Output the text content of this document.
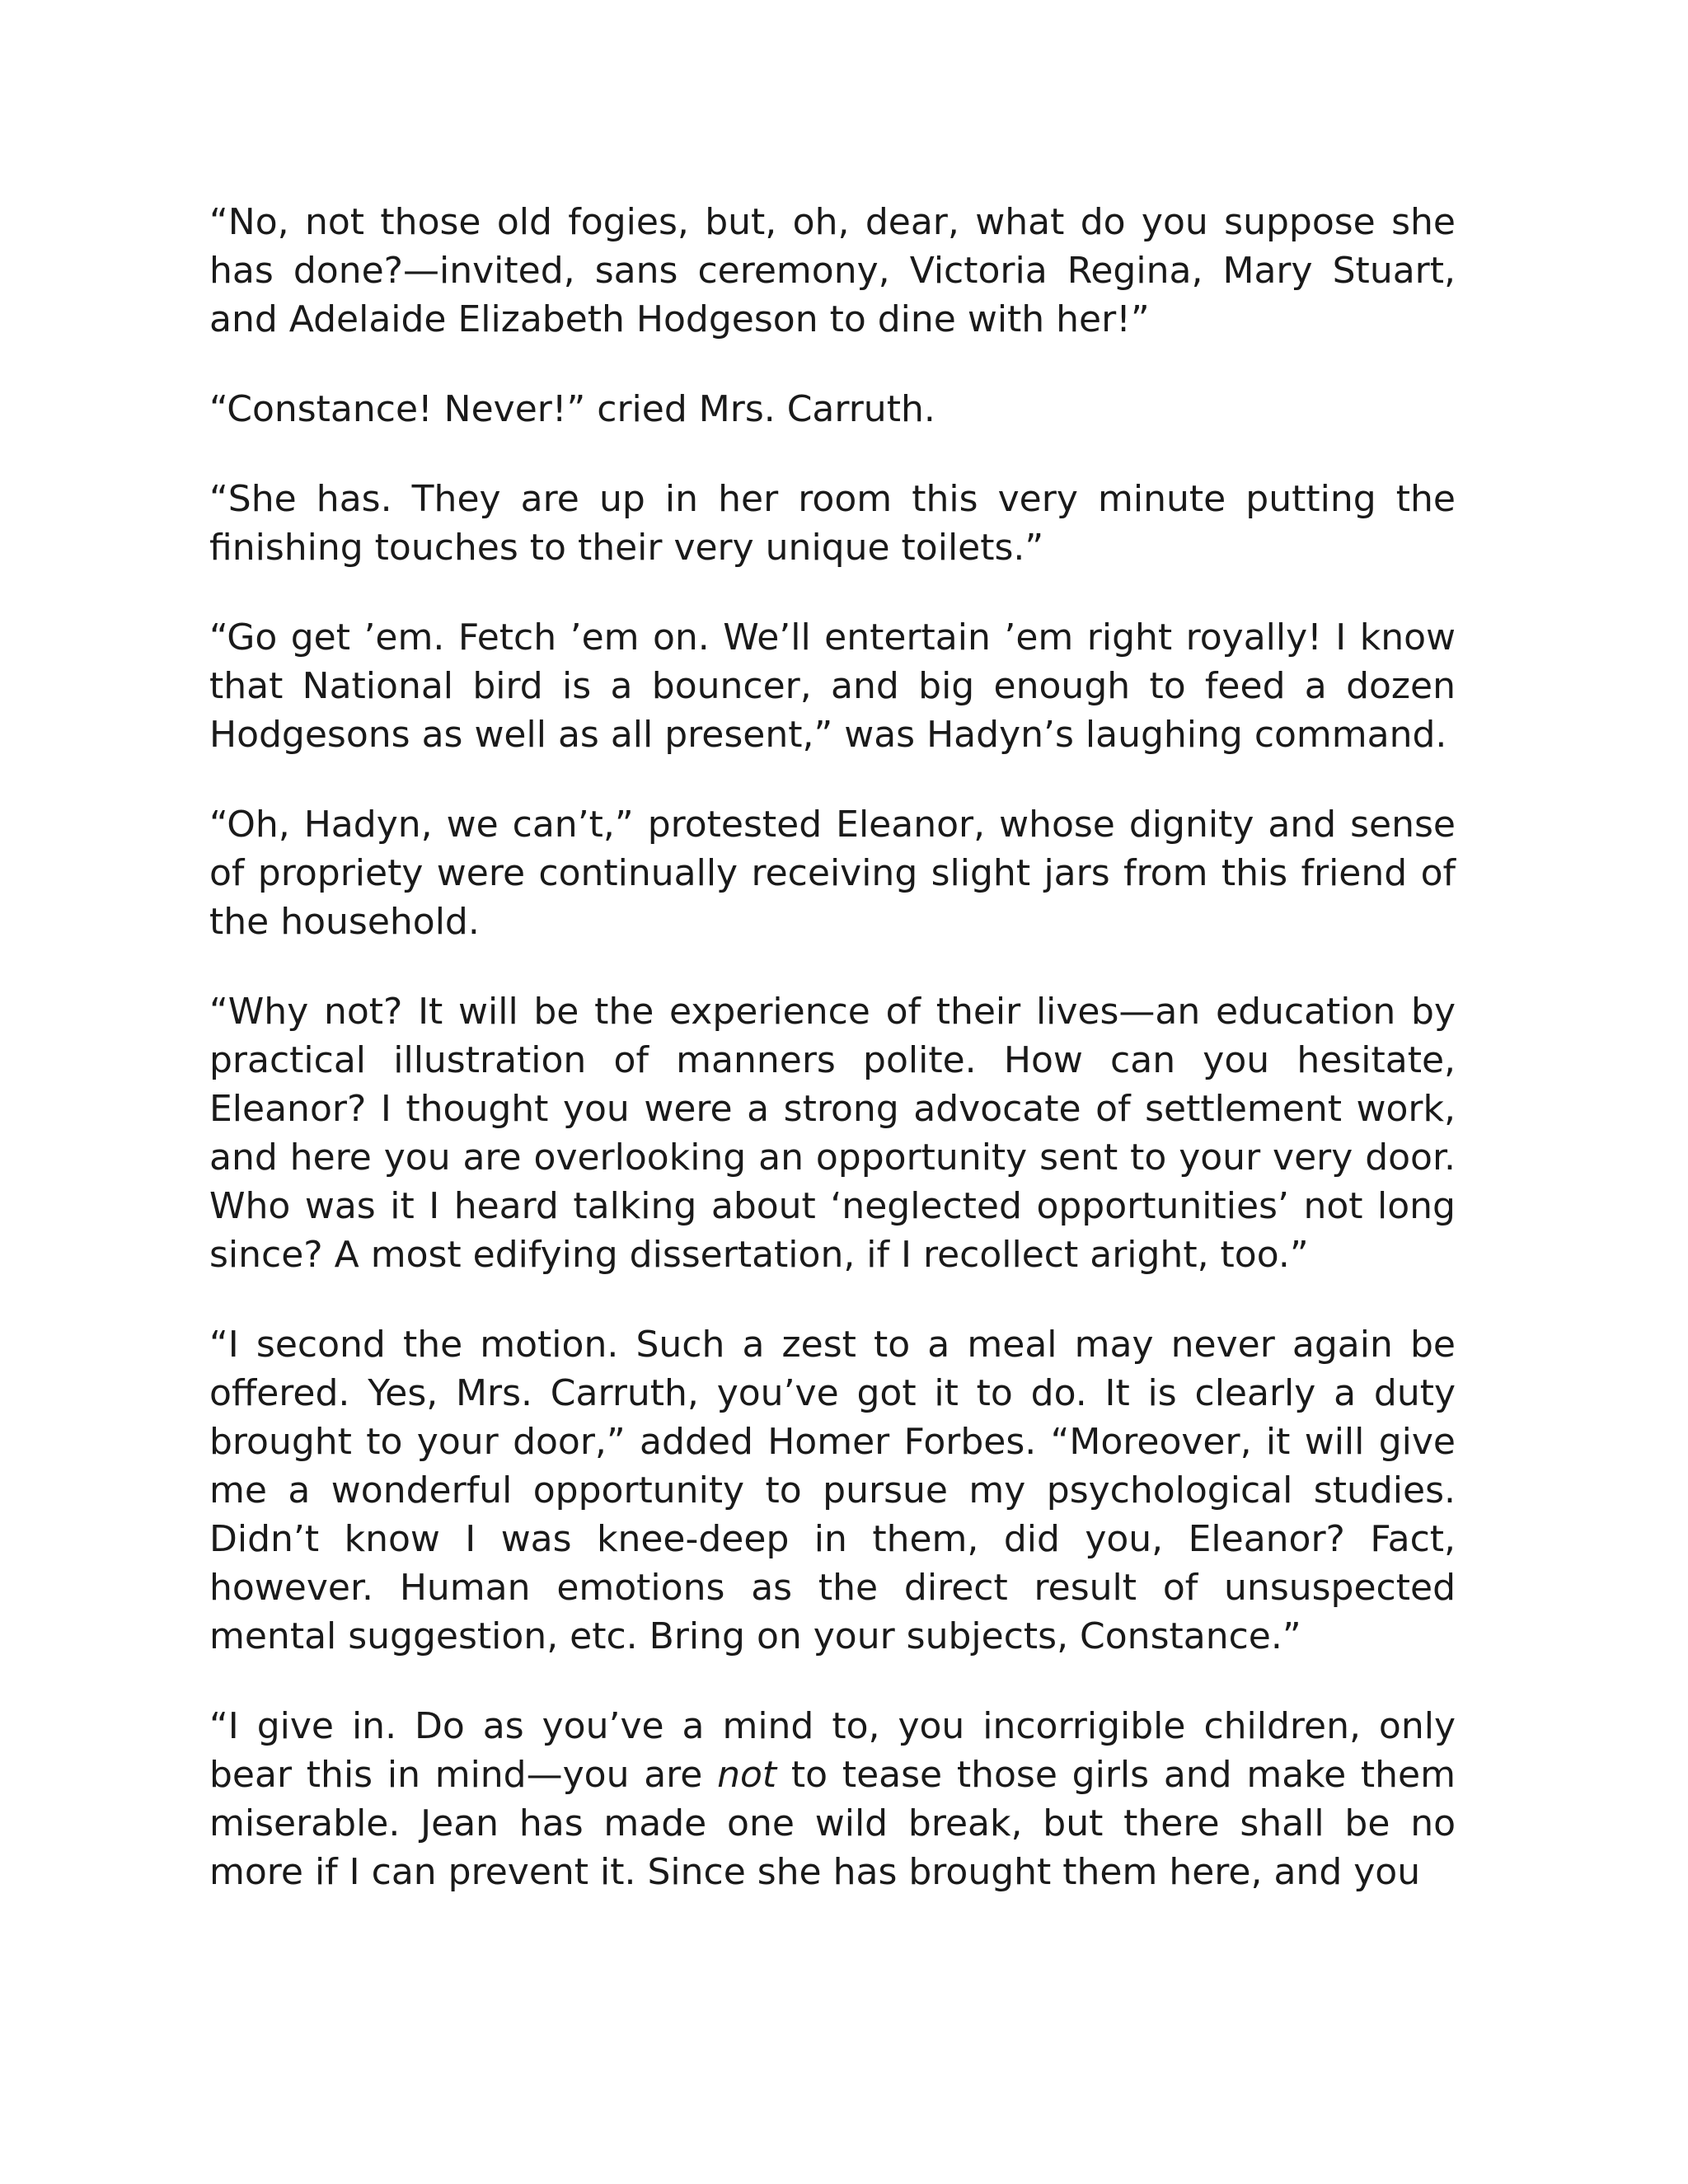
“No, not those old fogies, but, oh, dear, what do you suppose she has done?—invited, sans ceremony, Victoria Regina, Mary Stuart, and Adelaide Elizabeth Hodgeson to dine with her!”

“Constance! Never!” cried Mrs. Carruth.

“She has. They are up in her room this very minute putting the finishing touches to their very unique toilets.”

“Go get ’em. Fetch ’em on. We’ll entertain ’em right royally! I know that National bird is a bouncer, and big enough to feed a dozen Hodgesons as well as all present,” was Hadyn’s laughing command.

“Oh, Hadyn, we can’t,” protested Eleanor, whose dignity and sense of propriety were continually receiving slight jars from this friend of the household.

“Why not? It will be the experience of their lives—an education by practical illustration of manners polite. How can you hesitate, Eleanor? I thought you were a strong advocate of settlement work, and here you are overlooking an opportunity sent to your very door. Who was it I heard talking about ‘neglected opportunities’ not long since? A most edifying dissertation, if I recollect aright, too.”

“I second the motion. Such a zest to a meal may never again be offered. Yes, Mrs. Carruth, you’ve got it to do. It is clearly a duty brought to your door,” added Homer Forbes. “Moreover, it will give me a wonderful opportunity to pursue my psychological studies. Didn’t know I was knee-deep in them, did you, Eleanor? Fact, however. Human emotions as the direct result of unsuspected mental suggestion, etc. Bring on your subjects, Constance.”

“I give in. Do as you’ve a mind to, you incorrigible children, only bear this in mind—you are not to tease those girls and make them miserable. Jean has made one wild break, but there shall be no more if I can prevent it. Since she has brought them here, and you
